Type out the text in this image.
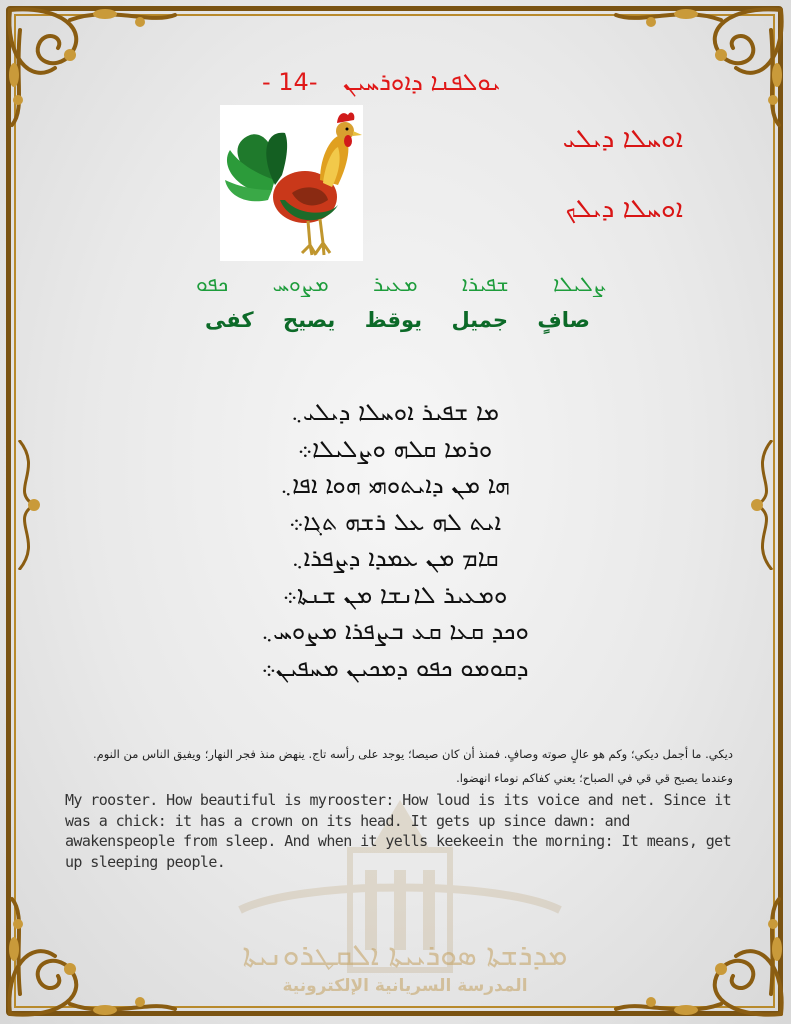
- 14- ܝܘܠܦܢܐ ܕܐܘܪܚܝܢ
ܐܘܚܠܐ ܕܝܠܝ
ܐܘܚܠܐ ܕܝܠܟ
ܨܠܝܠܐ
ܫܦܝܪܐ
ܡܥܝܪ
ܡܨܘܚ
ܟܦܘ
صافٍ
جميل
يوقظ
يصيح
كفى
ܡܐ ܫܦܝܪ ܐܘܚܠܐ ܕܝܠܝ܆
ܘܪܡܐ ܩܠܗ ܘܨܠܝܠܐ܀
ܗܐ ܡܢ ܕܐܝܬܘܗܝ ܗܘܐ ܐܦܐ܆
ܐܝܬ ܠܗ ܥܠ ܪܫܗ ܬܓܐ܀
ܩܐܡ ܡܢ ܥܡܕܐ ܕܨܦܪܐ܆
ܘܡܥܝܪ ܠܐܢܫܐ ܡܢ ܫܢܬܐ܀
ܘܟܕ ܩܥܐ ܩܥ ܒܨܦܪܐ ܡܨܘܚ܆
ܕܩܘܡܘ ܟܦܘ ܕܡܟܝܢ ܡܚܦܝܢ܀
ܡܕܪܫܬܐ ܣܘܪܝܝܬܐ ܐܠܩܛܪܘܢܝܬܐ
المدرسة السريانية الإلكترونية
ديكي. ما أجمل ديكي؛ وكم هو عالٍ صوته وصافٍ. فمنذ أن كان صيصا؛ يوجد على رأسه تاج. ينهض منذ فجر النهار؛ ويفيق الناس من النوم.
وعندما يصيح قي قي في الصباح؛ يعني كفاكم نوماء انهضوا.
My rooster. How beautiful is myrooster: How loud is its voice and net. Since it was a chick: it has a crown on its head. It gets up since dawn: and awakenspeople from sleep. And when it yells keekeein the morning: It means, get up sleeping people.
